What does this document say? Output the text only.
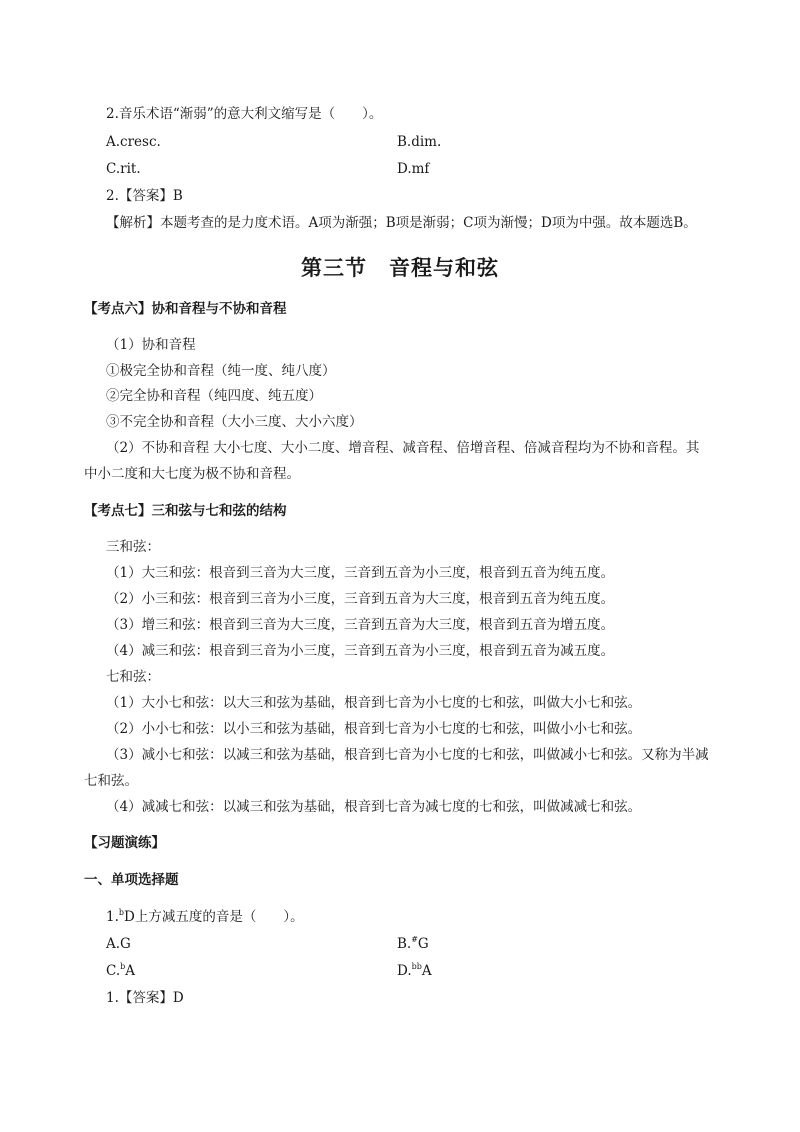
2.音乐术语“渐弱”的意大利文缩写是（　　）。
A.cresc.	B.dim.
C.rit.	D.mf
2.【答案】B
【解析】本题考查的是力度术语。A项为渐强；B项是渐弱；C项为渐慢；D项为中强。故本题选B。
第三节　音程与和弦
【考点六】协和音程与不协和音程
（1）协和音程
①极完全协和音程（纯一度、纯八度）
②完全协和音程（纯四度、纯五度）
③不完全协和音程（大小三度、大小六度）
（2）不协和音程 大小七度、大小二度、增音程、减音程、倍增音程、倍减音程均为不协和音程。其
中小二度和大七度为极不协和音程。
【考点七】三和弦与七和弦的结构
三和弦：
（1）大三和弦：根音到三音为大三度，三音到五音为小三度，根音到五音为纯五度。
（2）小三和弦：根音到三音为小三度，三音到五音为大三度，根音到五音为纯五度。
（3）增三和弦：根音到三音为大三度，三音到五音为大三度，根音到五音为增五度。
（4）减三和弦：根音到三音为小三度，三音到五音为小三度，根音到五音为减五度。
七和弦：
（1）大小七和弦：以大三和弦为基础，根音到七音为小七度的七和弦，叫做大小七和弦。
（2）小小七和弦：以小三和弦为基础，根音到七音为小七度的七和弦，叫做小小七和弦。
（3）减小七和弦：以减三和弦为基础，根音到七音为小七度的七和弦，叫做减小七和弦。又称为半减
七和弦。
（4）减减七和弦：以减三和弦为基础，根音到七音为减七度的七和弦，叫做减减七和弦。
【习题演练】
一、单项选择题
1.$^b$D上方减五度的音是（　　）。
A.G	B.#G
C.$^b$A	D.$^{bb}$A
1.【答案】D
